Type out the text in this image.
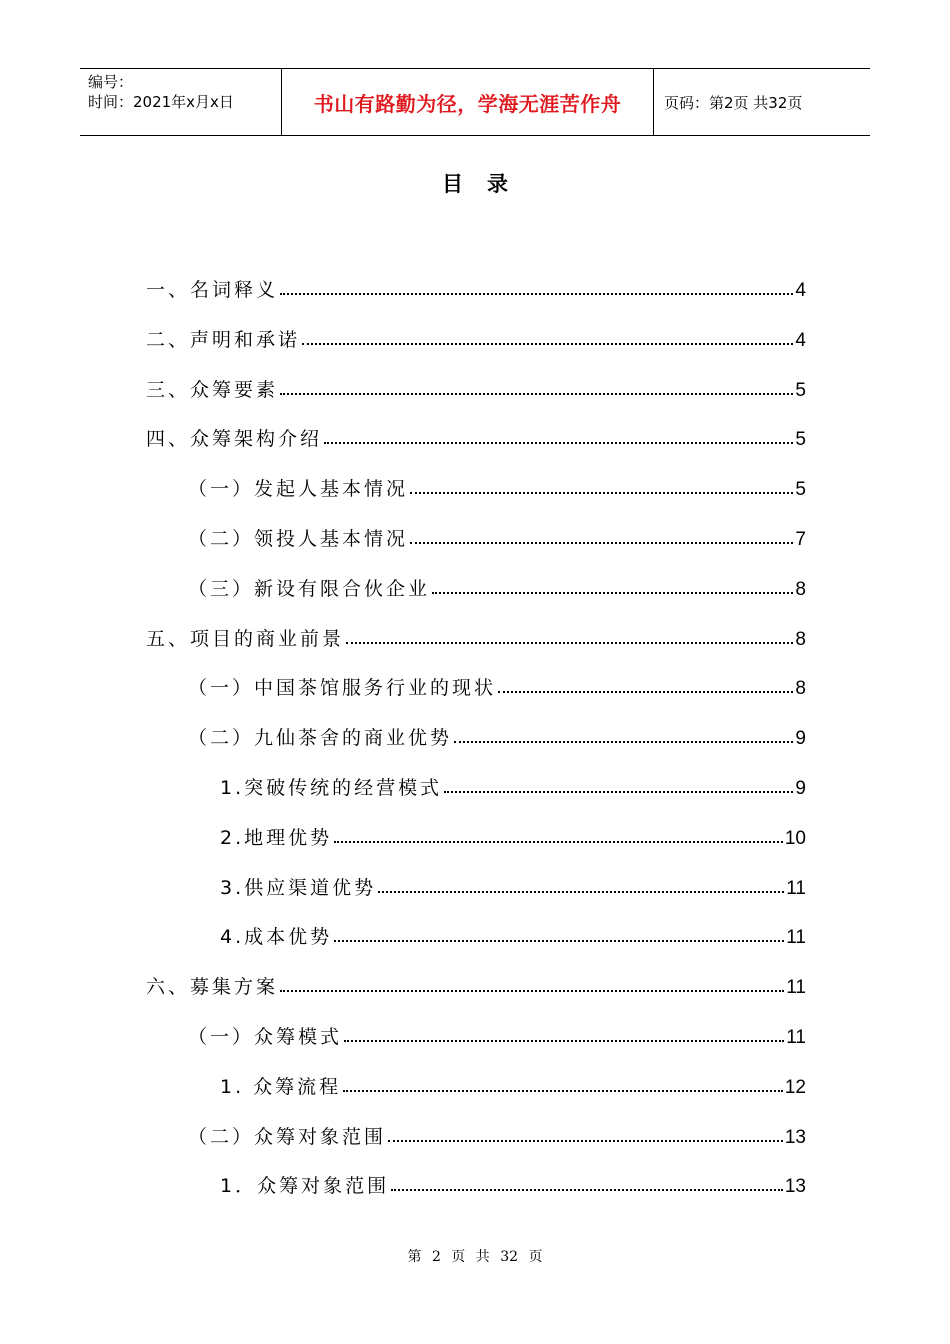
编号：
时间：2021年x月x日	书山有路勤为径，学海无涯苦作舟	页码：第2页 共32页
目录
一、名词释义	4
二、声明和承诺	4
三、众筹要素	5
四、众筹架构介绍	5
（一）发起人基本情况	5
（二）领投人基本情况	7
（三）新设有限合伙企业	8
五、项目的商业前景	8
（一）中国茶馆服务行业的现状	8
（二）九仙茶舍的商业优势	9
1.突破传统的经营模式	9
2.地理优势	10
3.供应渠道优势	11
4.成本优势	11
六、募集方案	11
（一）众筹模式	11
1. 众筹流程	12
（二）众筹对象范围	13
1．众筹对象范围	13
第 2 页 共 32 页
